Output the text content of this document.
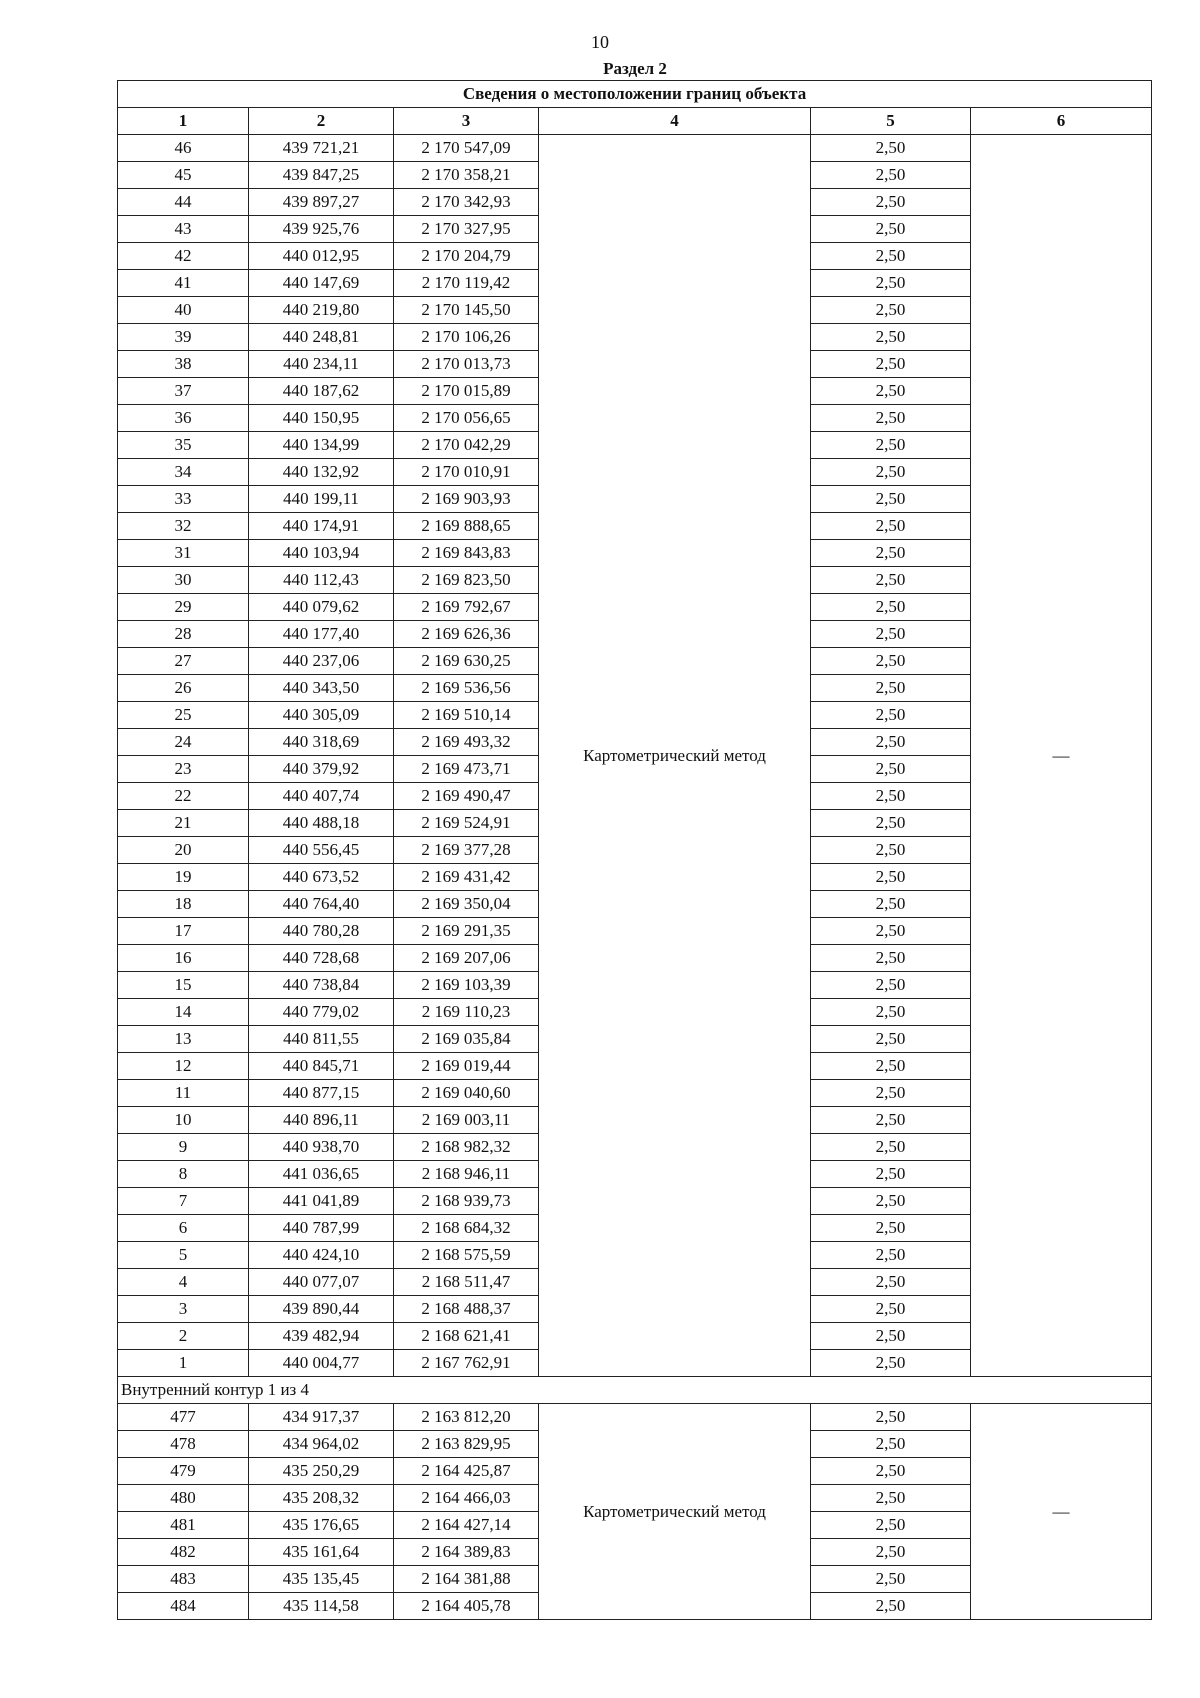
10
Раздел 2
Сведения о местоположении границ объекта					
1	2	3	4	5	6
46	439 721,21	2 170 547,09	Картометрический метод	2,50	—
45	439 847,25	2 170 358,21		2,50	
44	439 897,27	2 170 342,93		2,50	
43	439 925,76	2 170 327,95		2,50	
42	440 012,95	2 170 204,79		2,50	
41	440 147,69	2 170 119,42		2,50	
40	440 219,80	2 170 145,50		2,50	
39	440 248,81	2 170 106,26		2,50	
38	440 234,11	2 170 013,73		2,50	
37	440 187,62	2 170 015,89		2,50	
36	440 150,95	2 170 056,65		2,50	
35	440 134,99	2 170 042,29		2,50	
34	440 132,92	2 170 010,91		2,50	
33	440 199,11	2 169 903,93		2,50	
32	440 174,91	2 169 888,65		2,50	
31	440 103,94	2 169 843,83		2,50	
30	440 112,43	2 169 823,50		2,50	
29	440 079,62	2 169 792,67		2,50	
28	440 177,40	2 169 626,36		2,50	
27	440 237,06	2 169 630,25		2,50	
26	440 343,50	2 169 536,56		2,50	
25	440 305,09	2 169 510,14		2,50	
24	440 318,69	2 169 493,32		2,50	
23	440 379,92	2 169 473,71		2,50	
22	440 407,74	2 169 490,47		2,50	
21	440 488,18	2 169 524,91		2,50	
20	440 556,45	2 169 377,28		2,50	
19	440 673,52	2 169 431,42		2,50	
18	440 764,40	2 169 350,04		2,50	
17	440 780,28	2 169 291,35		2,50	
16	440 728,68	2 169 207,06		2,50	
15	440 738,84	2 169 103,39		2,50	
14	440 779,02	2 169 110,23		2,50	
13	440 811,55	2 169 035,84		2,50	
12	440 845,71	2 169 019,44		2,50	
11	440 877,15	2 169 040,60		2,50	
10	440 896,11	2 169 003,11		2,50	
9	440 938,70	2 168 982,32		2,50	
8	441 036,65	2 168 946,11		2,50	
7	441 041,89	2 168 939,73		2,50	
6	440 787,99	2 168 684,32		2,50	
5	440 424,10	2 168 575,59		2,50	
4	440 077,07	2 168 511,47		2,50	
3	439 890,44	2 168 488,37		2,50	
2	439 482,94	2 168 621,41		2,50	
1	440 004,77	2 167 762,91		2,50	
Внутренний контур 1 из 4					
477	434 917,37	2 163 812,20	Картометрический метод	2,50	—
478	434 964,02	2 163 829,95		2,50	
479	435 250,29	2 164 425,87		2,50	
480	435 208,32	2 164 466,03		2,50	
481	435 176,65	2 164 427,14		2,50	
482	435 161,64	2 164 389,83		2,50	
483	435 135,45	2 164 381,88		2,50	
484	435 114,58	2 164 405,78		2,50	
